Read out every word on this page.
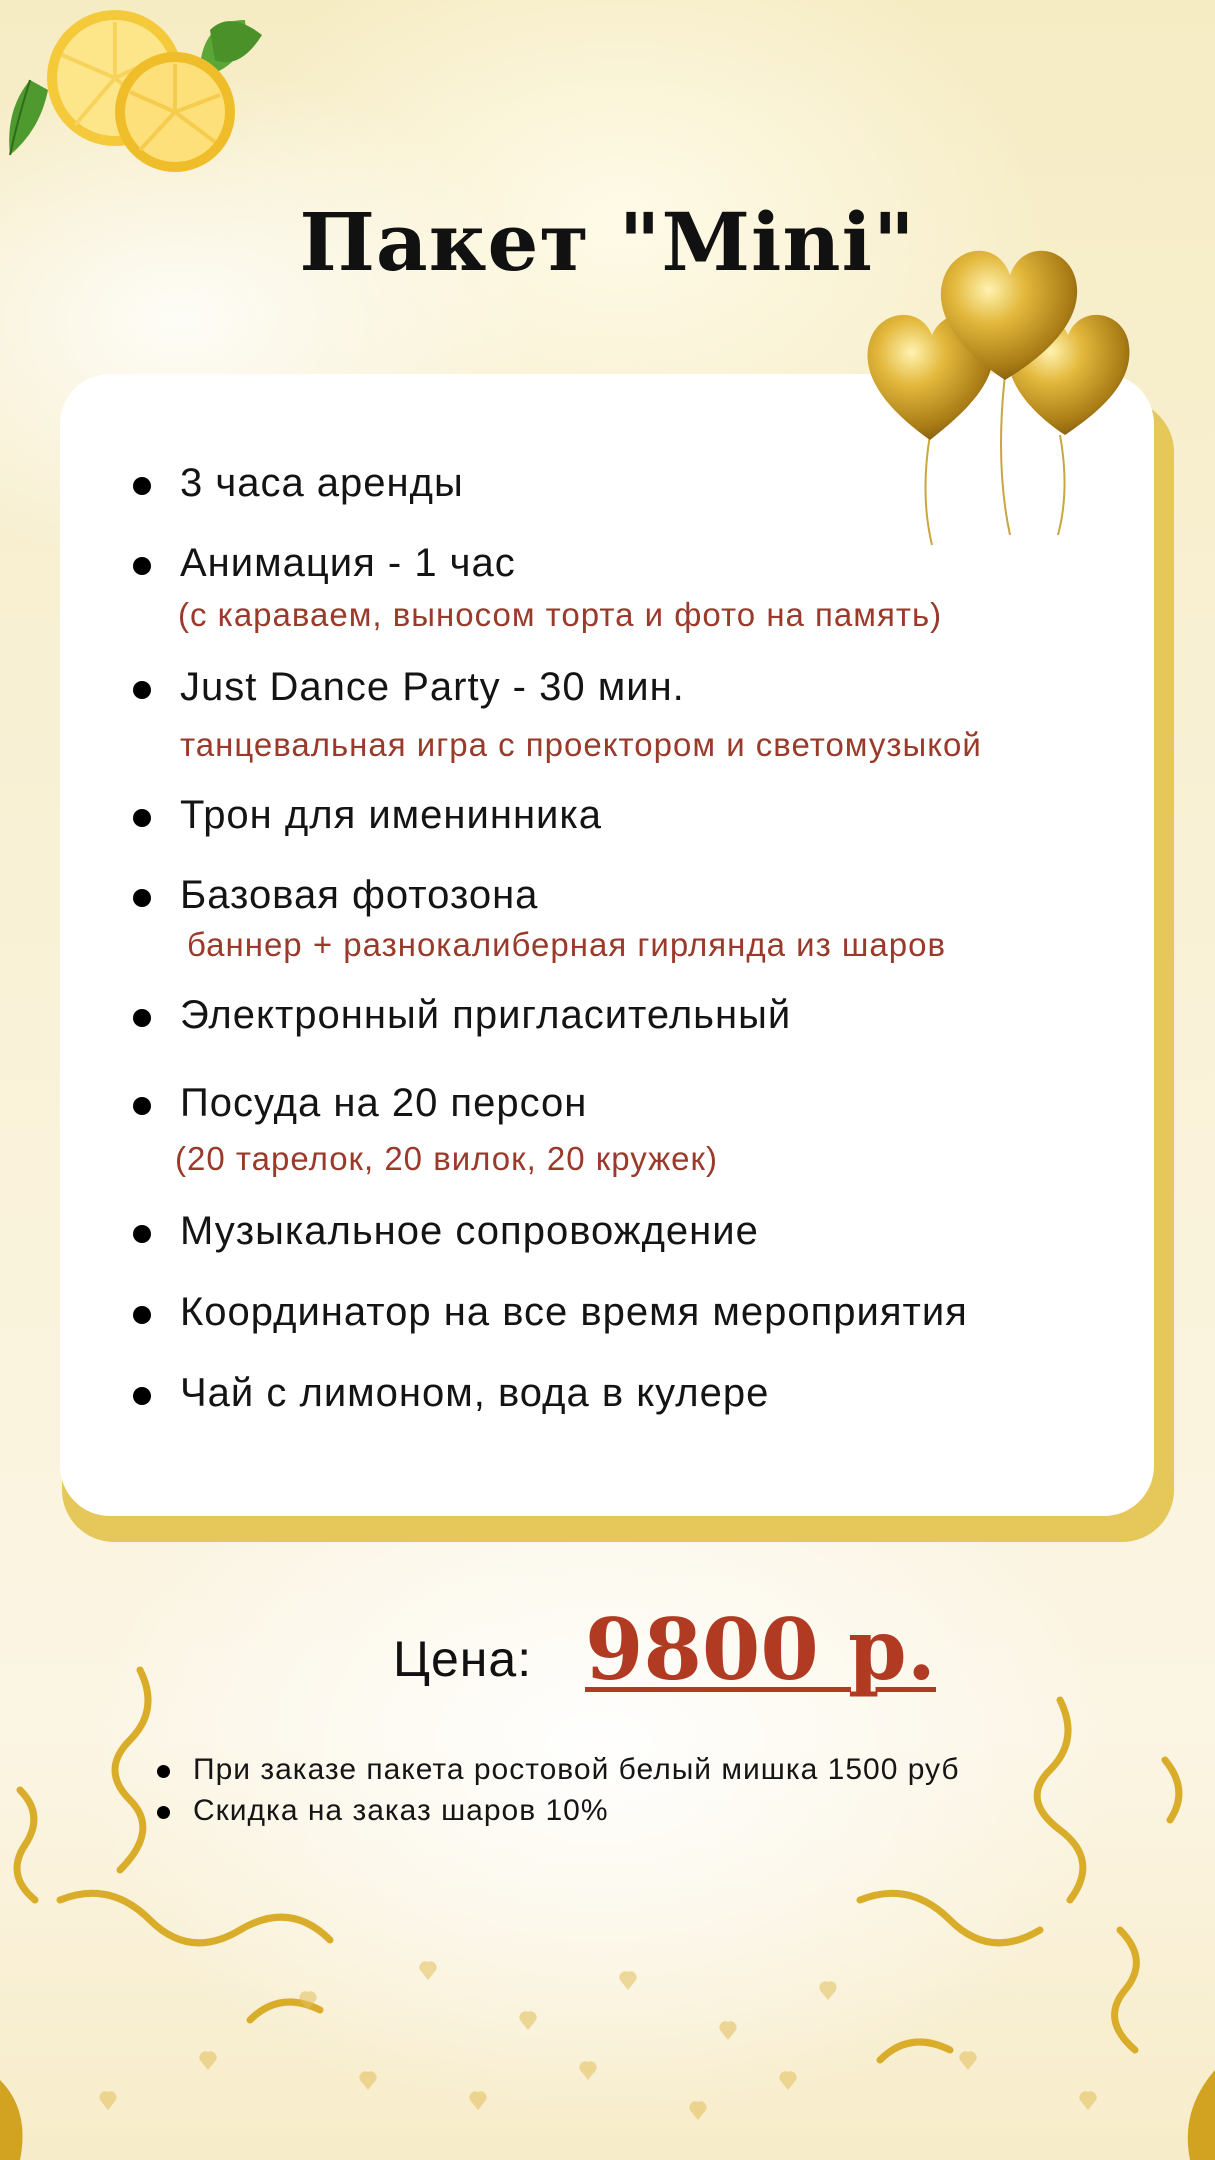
Пакет "Mini"
3 часа аренды
Анимация - 1 час
(с караваем, выносом торта и фото на память)
Just Dance Party - 30 мин.
танцевальная игра с проектором и светомузыкой
Трон для именинника
Базовая фотозона
баннер + разнокалиберная гирлянда из шаров
Электронный пригласительный
Посуда на 20 персон
(20 тарелок, 20 вилок, 20 кружек)
Музыкальное сопровождение
Координатор на все время мероприятия
Чай с лимоном, вода в кулере
Цена: 9800 р.
При заказе пакета ростовой белый мишка 1500 руб
Скидка на заказ шаров 10%
